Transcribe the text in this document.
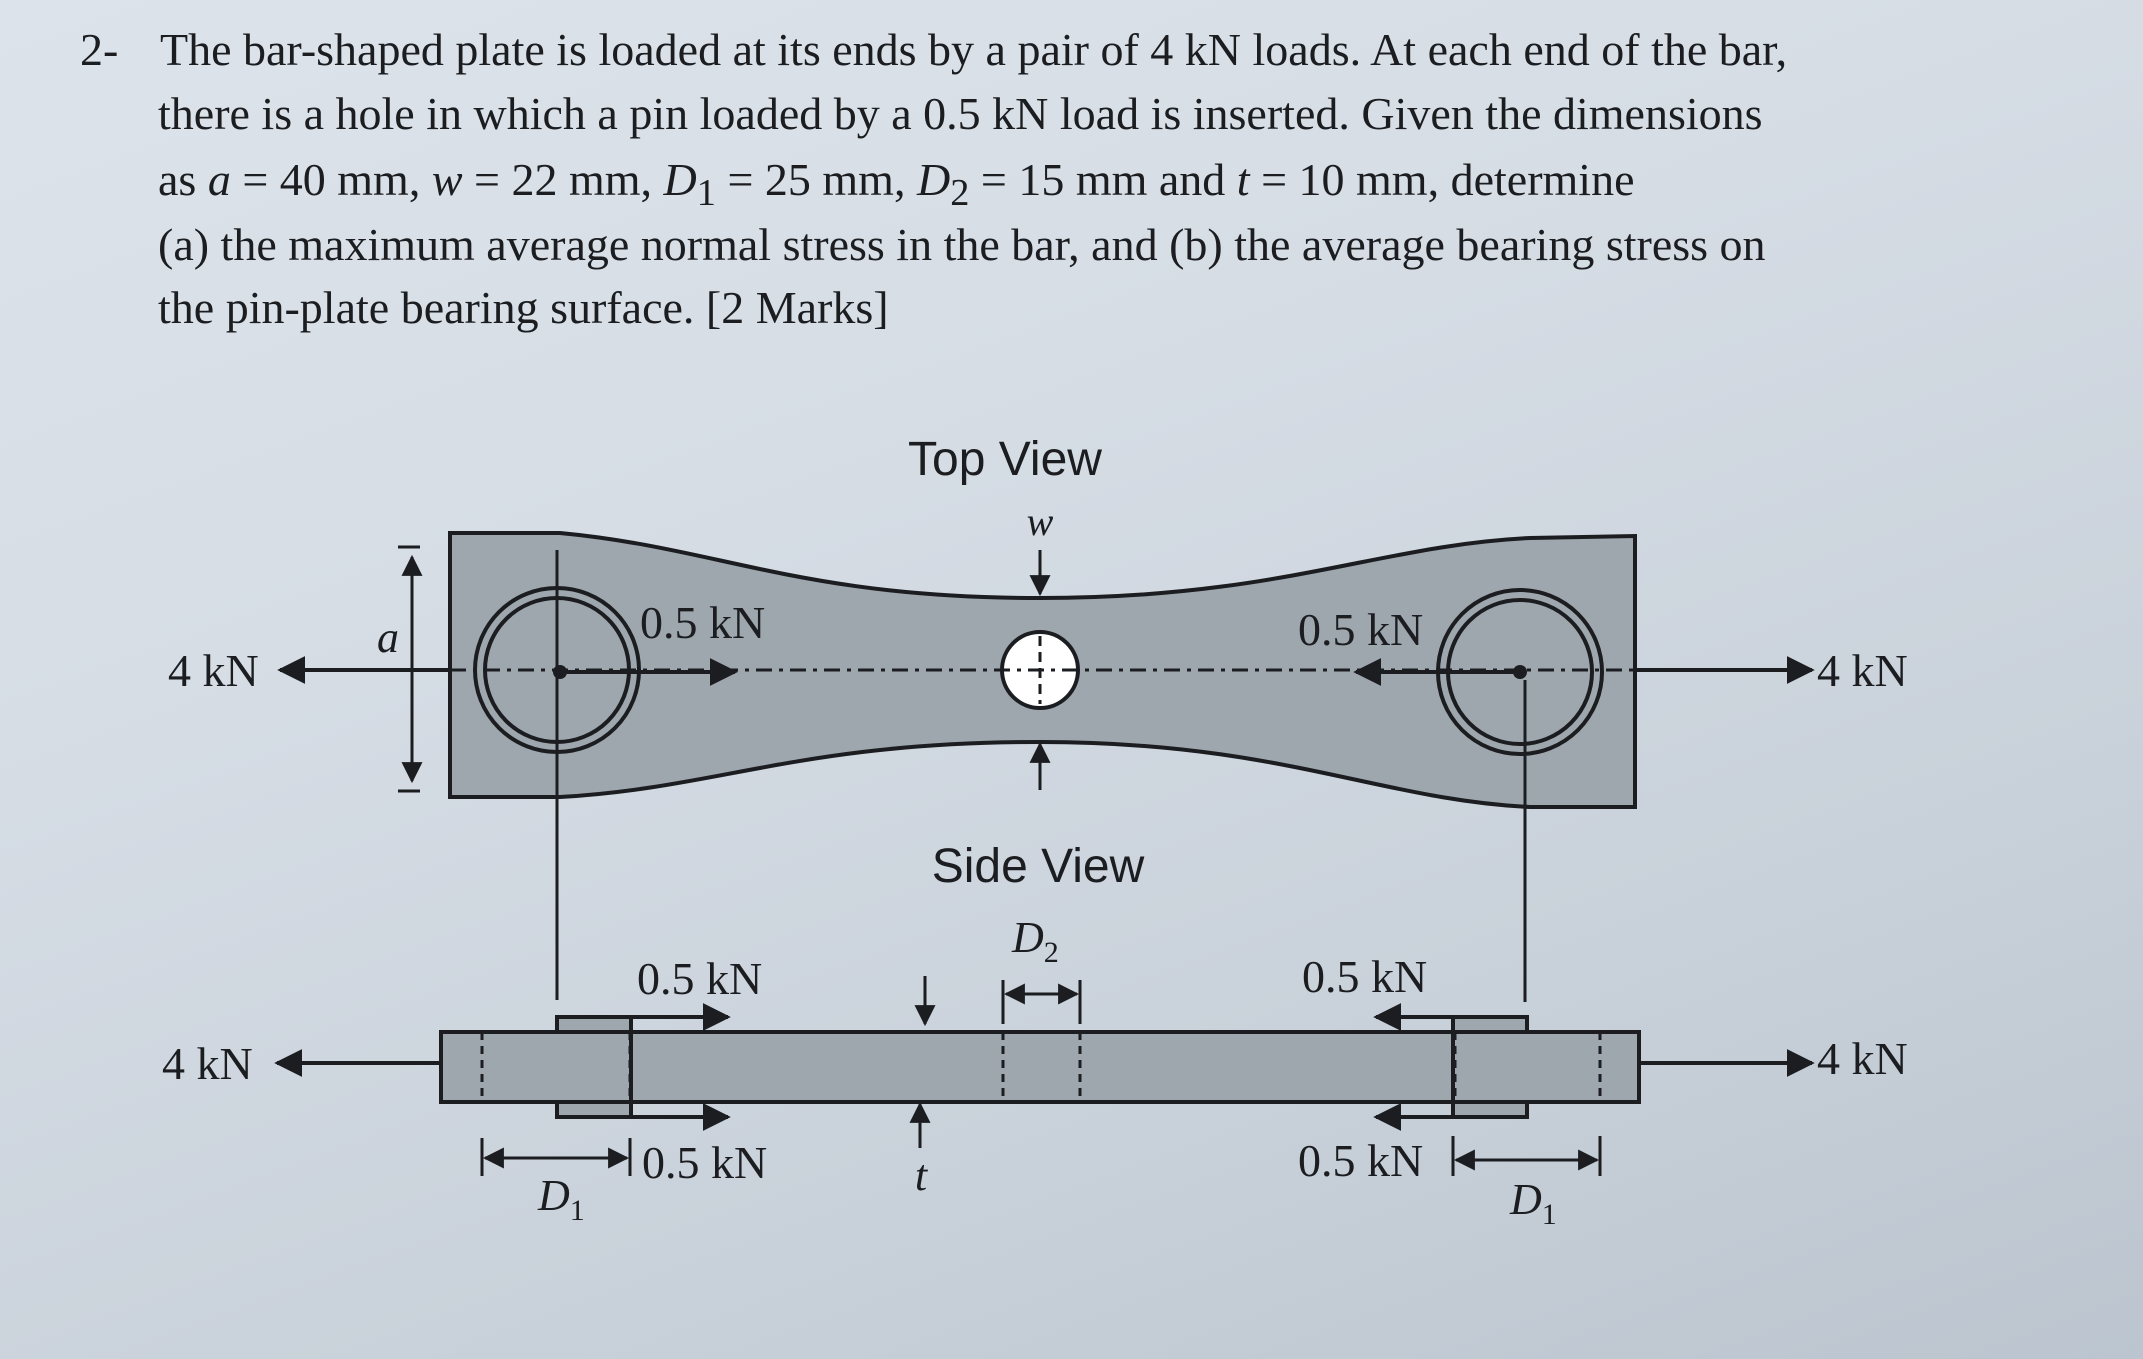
2- The bar-shaped plate is loaded at its ends by a pair of 4 kN loads. At each end of the bar,
there is a hole in which a pin loaded by a 0.5 kN load is inserted. Given the dimensions
as a = 40 mm, w = 22 mm, $D_1 = 25$ mm, $D_2 = 15$ mm and t = 10 mm, determine
(a) the maximum average normal stress in the bar, and (b) the average bearing stress on
the pin-plate bearing surface. [2 Marks]
Top View
w
0.5 kN	0.5 kN
4 kN	4 kN
a
Side View
$D_2$
t
0.5 kN
0.5 kN
0.5 kN
0.5 kN
4 kN	4 kN
$D_1$	$D_1$
